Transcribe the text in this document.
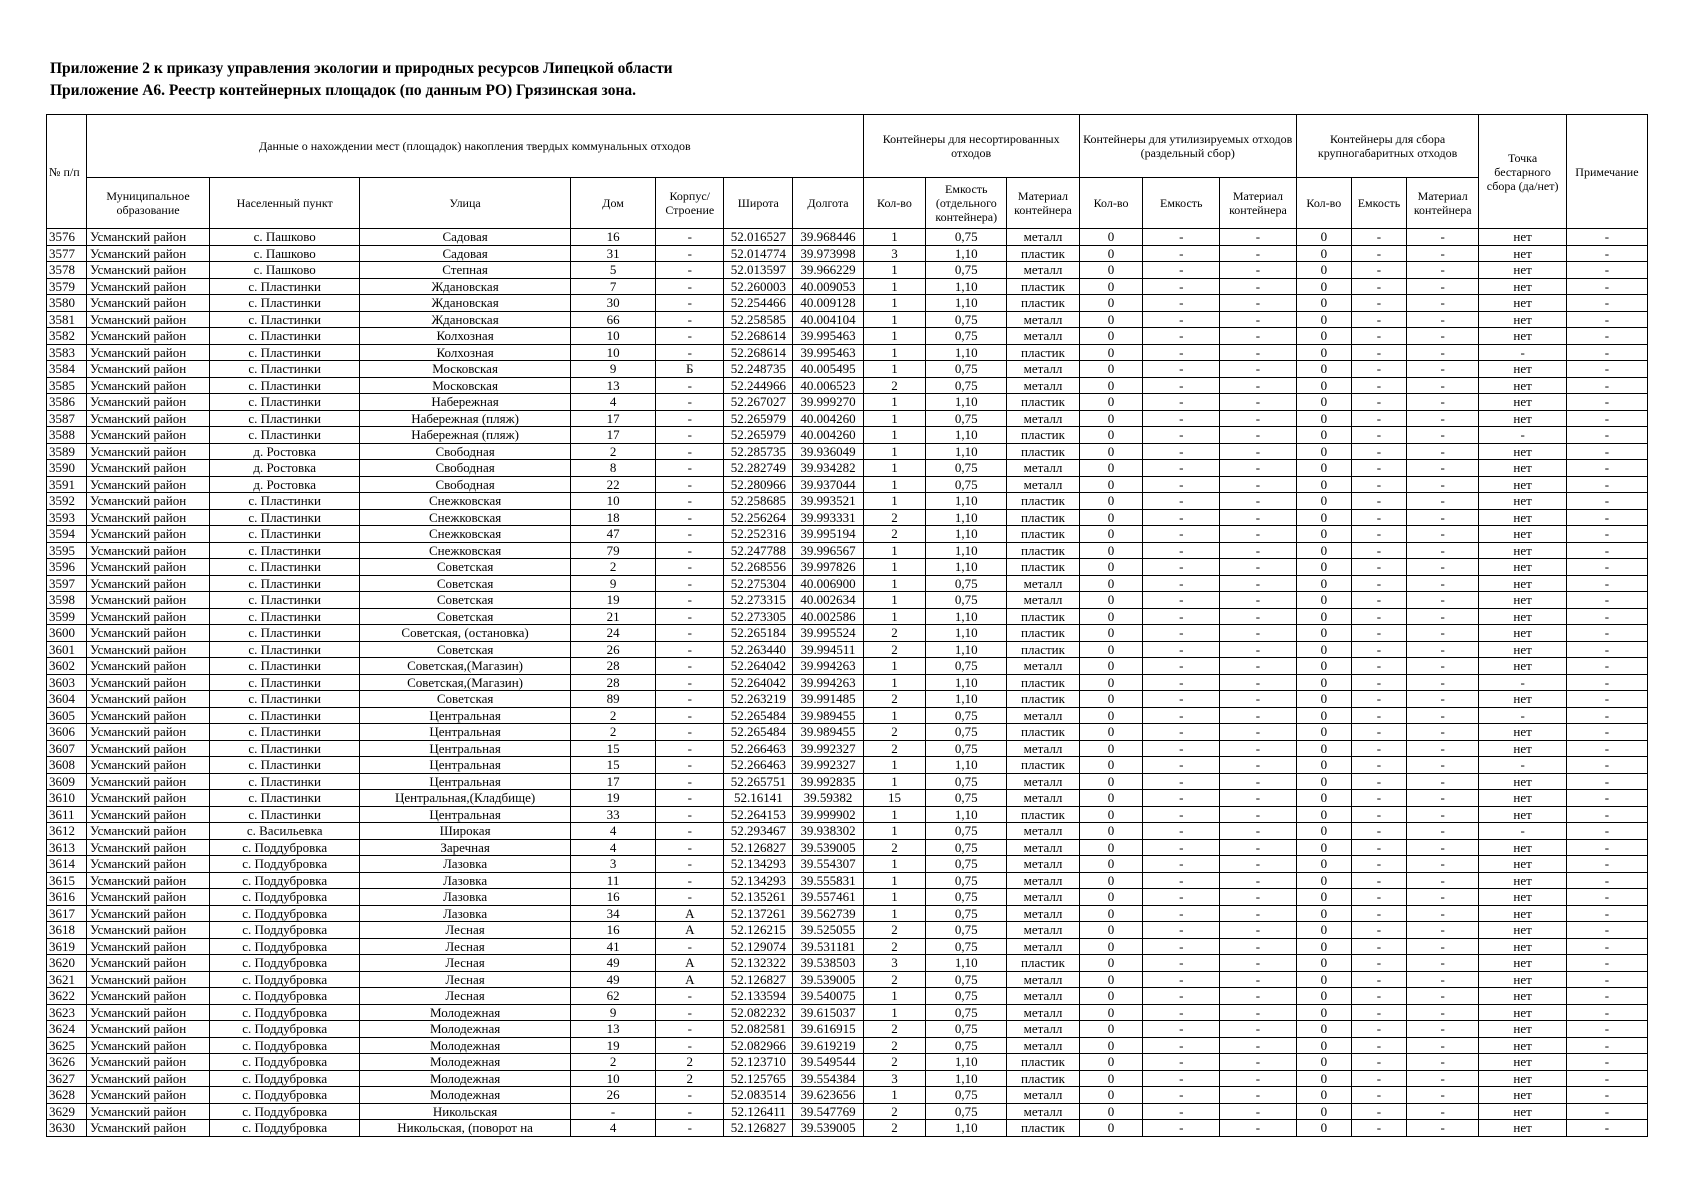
Приложение 2 к приказу управления экологии и природных ресурсов Липецкой области
Приложение А6. Реестр контейнерных площадок (по данным РО) Грязинская зона.
№ п/п	Данные о нахождении мест (площадок) накопления твердых коммунальных отходов							Контейнеры для несортированных отходов			Контейнеры для утилизируемых отходов (раздельный сбор)			Контейнеры для сбора крупногабаритных отходов			Точка бестарного сбора (да/нет)	Примечание
	Муниципальное образование	Населенный пункт	Улица	Дом	Корпус/ Строение	Широта	Долгота	Кол-во	Емкость (отдельного контейнера)	Материал контейнера	Кол-во	Емкость	Материал контейнера	Кол-во	Емкость	Материал контейнера		
3576	Усманский район	с. Пашково	Садовая	16	-	52.016527	39.968446	1	0,75	металл	0	-	-	0	-	-	нет	-
3577	Усманский район	с. Пашково	Садовая	31	-	52.014774	39.973998	3	1,10	пластик	0	-	-	0	-	-	нет	-
3578	Усманский район	с. Пашково	Степная	5	-	52.013597	39.966229	1	0,75	металл	0	-	-	0	-	-	нет	-
3579	Усманский район	с. Пластинки	Ждановская	7	-	52.260003	40.009053	1	1,10	пластик	0	-	-	0	-	-	нет	-
3580	Усманский район	с. Пластинки	Ждановская	30	-	52.254466	40.009128	1	1,10	пластик	0	-	-	0	-	-	нет	-
3581	Усманский район	с. Пластинки	Ждановская	66	-	52.258585	40.004104	1	0,75	металл	0	-	-	0	-	-	нет	-
3582	Усманский район	с. Пластинки	Колхозная	10	-	52.268614	39.995463	1	0,75	металл	0	-	-	0	-	-	нет	-
3583	Усманский район	с. Пластинки	Колхозная	10	-	52.268614	39.995463	1	1,10	пластик	0	-	-	0	-	-	-	-
3584	Усманский район	с. Пластинки	Московская	9	Б	52.248735	40.005495	1	0,75	металл	0	-	-	0	-	-	нет	-
3585	Усманский район	с. Пластинки	Московская	13	-	52.244966	40.006523	2	0,75	металл	0	-	-	0	-	-	нет	-
3586	Усманский район	с. Пластинки	Набережная	4	-	52.267027	39.999270	1	1,10	пластик	0	-	-	0	-	-	нет	-
3587	Усманский район	с. Пластинки	Набережная (пляж)	17	-	52.265979	40.004260	1	0,75	металл	0	-	-	0	-	-	нет	-
3588	Усманский район	с. Пластинки	Набережная (пляж)	17	-	52.265979	40.004260	1	1,10	пластик	0	-	-	0	-	-	-	-
3589	Усманский район	д. Ростовка	Свободная	2	-	52.285735	39.936049	1	1,10	пластик	0	-	-	0	-	-	нет	-
3590	Усманский район	д. Ростовка	Свободная	8	-	52.282749	39.934282	1	0,75	металл	0	-	-	0	-	-	нет	-
3591	Усманский район	д. Ростовка	Свободная	22	-	52.280966	39.937044	1	0,75	металл	0	-	-	0	-	-	нет	-
3592	Усманский район	с. Пластинки	Снежковская	10	-	52.258685	39.993521	1	1,10	пластик	0	-	-	0	-	-	нет	-
3593	Усманский район	с. Пластинки	Снежковская	18	-	52.256264	39.993331	2	1,10	пластик	0	-	-	0	-	-	нет	-
3594	Усманский район	с. Пластинки	Снежковская	47	-	52.252316	39.995194	2	1,10	пластик	0	-	-	0	-	-	нет	-
3595	Усманский район	с. Пластинки	Снежковская	79	-	52.247788	39.996567	1	1,10	пластик	0	-	-	0	-	-	нет	-
3596	Усманский район	с. Пластинки	Советская	2	-	52.268556	39.997826	1	1,10	пластик	0	-	-	0	-	-	нет	-
3597	Усманский район	с. Пластинки	Советская	9	-	52.275304	40.006900	1	0,75	металл	0	-	-	0	-	-	нет	-
3598	Усманский район	с. Пластинки	Советская	19	-	52.273315	40.002634	1	0,75	металл	0	-	-	0	-	-	нет	-
3599	Усманский район	с. Пластинки	Советская	21	-	52.273305	40.002586	1	1,10	пластик	0	-	-	0	-	-	нет	-
3600	Усманский район	с. Пластинки	Советская, (остановка)	24	-	52.265184	39.995524	2	1,10	пластик	0	-	-	0	-	-	нет	-
3601	Усманский район	с. Пластинки	Советская	26	-	52.263440	39.994511	2	1,10	пластик	0	-	-	0	-	-	нет	-
3602	Усманский район	с. Пластинки	Советская,(Магазин)	28	-	52.264042	39.994263	1	0,75	металл	0	-	-	0	-	-	нет	-
3603	Усманский район	с. Пластинки	Советская,(Магазин)	28	-	52.264042	39.994263	1	1,10	пластик	0	-	-	0	-	-	-	-
3604	Усманский район	с. Пластинки	Советская	89	-	52.263219	39.991485	2	1,10	пластик	0	-	-	0	-	-	нет	-
3605	Усманский район	с. Пластинки	Центральная	2	-	52.265484	39.989455	1	0,75	металл	0	-	-	0	-	-	-	-
3606	Усманский район	с. Пластинки	Центральная	2	-	52.265484	39.989455	2	0,75	пластик	0	-	-	0	-	-	нет	-
3607	Усманский район	с. Пластинки	Центральная	15	-	52.266463	39.992327	2	0,75	металл	0	-	-	0	-	-	нет	-
3608	Усманский район	с. Пластинки	Центральная	15	-	52.266463	39.992327	1	1,10	пластик	0	-	-	0	-	-	-	-
3609	Усманский район	с. Пластинки	Центральная	17	-	52.265751	39.992835	1	0,75	металл	0	-	-	0	-	-	нет	-
3610	Усманский район	с. Пластинки	Центральная,(Кладбище)	19	-	52.16141	39.59382	15	0,75	металл	0	-	-	0	-	-	нет	-
3611	Усманский район	с. Пластинки	Центральная	33	-	52.264153	39.999902	1	1,10	пластик	0	-	-	0	-	-	нет	-
3612	Усманский район	с. Васильевка	Широкая	4	-	52.293467	39.938302	1	0,75	металл	0	-	-	0	-	-	-	-
3613	Усманский район	с. Поддубровка	Заречная	4	-	52.126827	39.539005	2	0,75	металл	0	-	-	0	-	-	нет	-
3614	Усманский район	с. Поддубровка	Лазовка	3	-	52.134293	39.554307	1	0,75	металл	0	-	-	0	-	-	нет	-
3615	Усманский район	с. Поддубровка	Лазовка	11	-	52.134293	39.555831	1	0,75	металл	0	-	-	0	-	-	нет	-
3616	Усманский район	с. Поддубровка	Лазовка	16	-	52.135261	39.557461	1	0,75	металл	0	-	-	0	-	-	нет	-
3617	Усманский район	с. Поддубровка	Лазовка	34	А	52.137261	39.562739	1	0,75	металл	0	-	-	0	-	-	нет	-
3618	Усманский район	с. Поддубровка	Лесная	16	А	52.126215	39.525055	2	0,75	металл	0	-	-	0	-	-	нет	-
3619	Усманский район	с. Поддубровка	Лесная	41	-	52.129074	39.531181	2	0,75	металл	0	-	-	0	-	-	нет	-
3620	Усманский район	с. Поддубровка	Лесная	49	А	52.132322	39.538503	3	1,10	пластик	0	-	-	0	-	-	нет	-
3621	Усманский район	с. Поддубровка	Лесная	49	А	52.126827	39.539005	2	0,75	металл	0	-	-	0	-	-	нет	-
3622	Усманский район	с. Поддубровка	Лесная	62	-	52.133594	39.540075	1	0,75	металл	0	-	-	0	-	-	нет	-
3623	Усманский район	с. Поддубровка	Молодежная	9	-	52.082232	39.615037	1	0,75	металл	0	-	-	0	-	-	нет	-
3624	Усманский район	с. Поддубровка	Молодежная	13	-	52.082581	39.616915	2	0,75	металл	0	-	-	0	-	-	нет	-
3625	Усманский район	с. Поддубровка	Молодежная	19	-	52.082966	39.619219	2	0,75	металл	0	-	-	0	-	-	нет	-
3626	Усманский район	с. Поддубровка	Молодежная	2	2	52.123710	39.549544	2	1,10	пластик	0	-	-	0	-	-	нет	-
3627	Усманский район	с. Поддубровка	Молодежная	10	2	52.125765	39.554384	3	1,10	пластик	0	-	-	0	-	-	нет	-
3628	Усманский район	с. Поддубровка	Молодежная	26	-	52.083514	39.623656	1	0,75	металл	0	-	-	0	-	-	нет	-
3629	Усманский район	с. Поддубровка	Никольская	-	-	52.126411	39.547769	2	0,75	металл	0	-	-	0	-	-	нет	-
3630	Усманский район	с. Поддубровка	Никольская, (поворот на	4	-	52.126827	39.539005	2	1,10	пластик	0	-	-	0	-	-	нет	-
